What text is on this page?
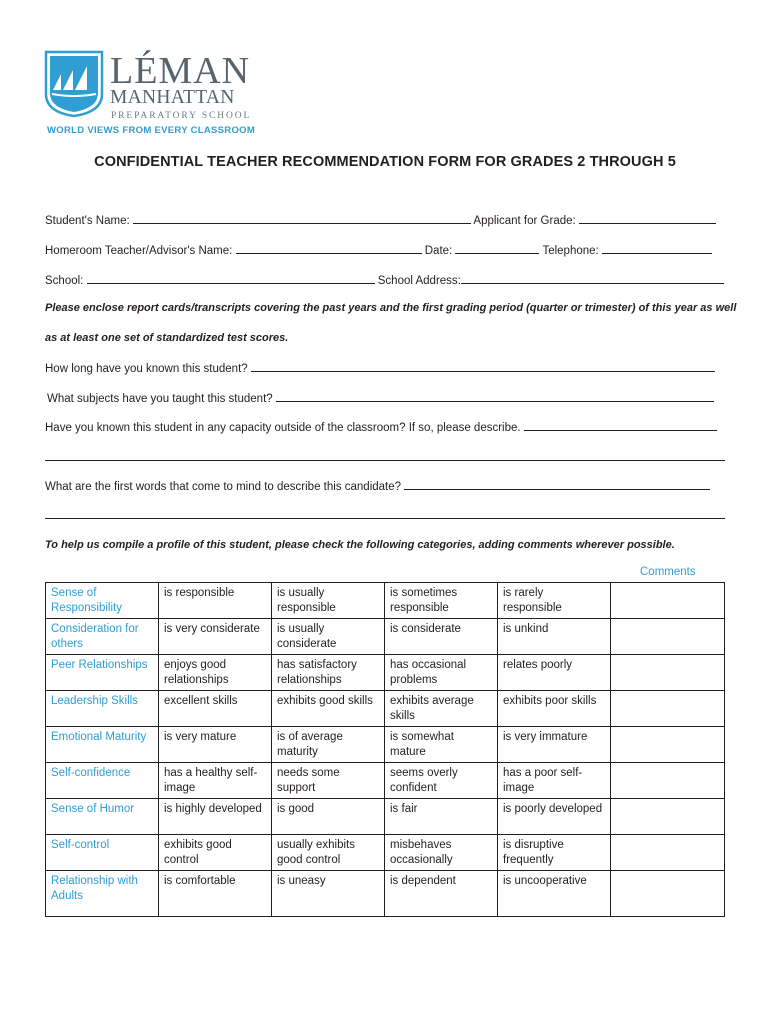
LÉMAN
MANHATTAN
PREPARATORY SCHOOL
WORLD VIEWS FROM EVERY CLASSROOM
CONFIDENTIAL TEACHER RECOMMENDATION FORM FOR GRADES 2 THROUGH 5
Student's Name:	Applicant for Grade:
Homeroom Teacher/Advisor's Name:	Date:	Telephone:
School:	School Address:
Please enclose report cards/transcripts covering the past years and the first grading period (quarter or trimester) of this year as well
as at least one set of standardized test scores.
How long have you known this student?
What subjects have you taught this student?
Have you known this student in any capacity outside of the classroom? If so, please describe.
What are the first words that come to mind to describe this candidate?
To help us compile a profile of this student, please check the following categories, adding comments wherever possible.
Comments
Sense of Responsibility	is responsible	is usually responsible	is sometimes responsible	is rarely responsible	
Consideration for others	is very considerate	is usually considerate	is considerate	is unkind	
Peer Relationships	enjoys good relationships	has satisfactory relationships	has occasional problems	relates poorly	
Leadership Skills	excellent skills	exhibits good skills	exhibits average skills	exhibits poor skills	
Emotional Maturity	is very mature	is of average maturity	is somewhat mature	is very immature	
Self-confidence	has a healthy self-image	needs some support	seems overly confident	has a poor self-image	
Sense of Humor	is highly developed	is good	is fair	is poorly developed	
Self-control	exhibits good control	usually exhibits good control	misbehaves occasionally	is disruptive frequently	
Relationship with Adults	is comfortable	is uneasy	is dependent	is uncooperative	
